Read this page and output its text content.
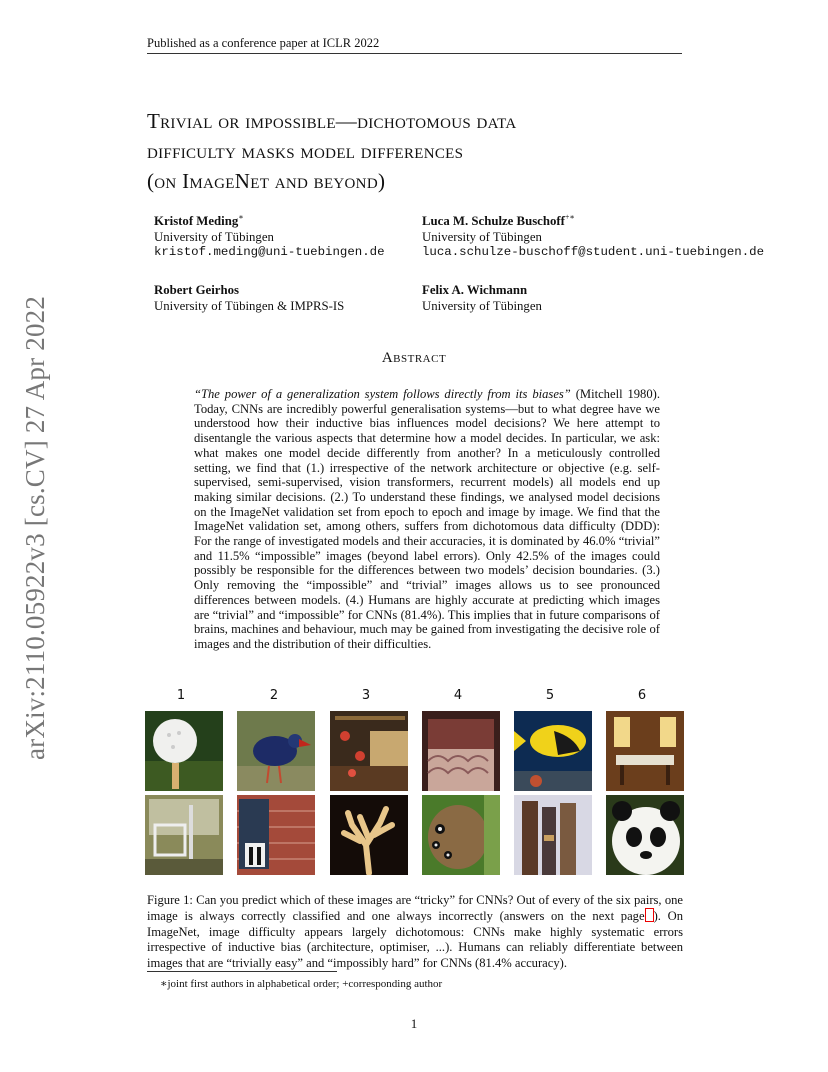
arXiv:2110.05922v3 [cs.CV] 27 Apr 2022
Published as a conference paper at ICLR 2022
Trivial or impossible—dichotomous data
difficulty masks model differences
(on ImageNet and beyond)
Kristof Meding∗
University of Tübingen
kristof.meding@uni-tuebingen.de
Luca M. Schulze Buschoff+∗
University of Tübingen
luca.schulze-buschoff@student.uni-tuebingen.de
Robert Geirhos
University of Tübingen & IMPRS-IS
Felix A. Wichmann
University of Tübingen
Abstract
“The power of a generalization system follows directly from its biases” (Mitchell 1980). Today, CNNs are incredibly powerful generalisation systems—but to what degree have we understood how their inductive bias influences model decisions? We here attempt to disentangle the various aspects that determine how a model decides. In particular, we ask: what makes one model decide differently from another? In a meticulously controlled setting, we find that (1.) irrespective of the network architecture or objective (e.g. self-supervised, semi-supervised, vision transformers, recurrent models) all models end up making similar decisions. (2.) To understand these findings, we analysed model decisions on the ImageNet validation set from epoch to epoch and image by image. We find that the ImageNet validation set, among others, suffers from dichotomous data difficulty (DDD): For the range of investigated models and their accuracies, it is dominated by 46.0% “trivial” and 11.5% “impossible” images (beyond label errors). Only 42.5% of the images could possibly be responsible for the differences between two models’ decision boundaries. (3.) Only removing the “impossible” and “trivial” images allows us to see pronounced differences between models. (4.) Humans are highly accurate at predicting which images are “trivial” and “impossible” for CNNs (81.4%). This implies that in future comparisons of brains, machines and behaviour, much may be gained from investigating the decisive role of images and the distribution of their difficulties.
1	2	3	4	5	6
Figure 1: Can you predict which of these images are “tricky” for CNNs? Out of every of the six pairs, one image is always correctly classified and one always incorrectly (answers on the next page ). On ImageNet, image difficulty appears largely dichotomous: CNNs make highly systematic errors irrespective of inductive bias (architecture, optimiser, ...). Humans can reliably differentiate between images that are “trivially easy” and “impossibly hard” for CNNs (81.4% accuracy).
∗joint first authors in alphabetical order; +corresponding author
1
